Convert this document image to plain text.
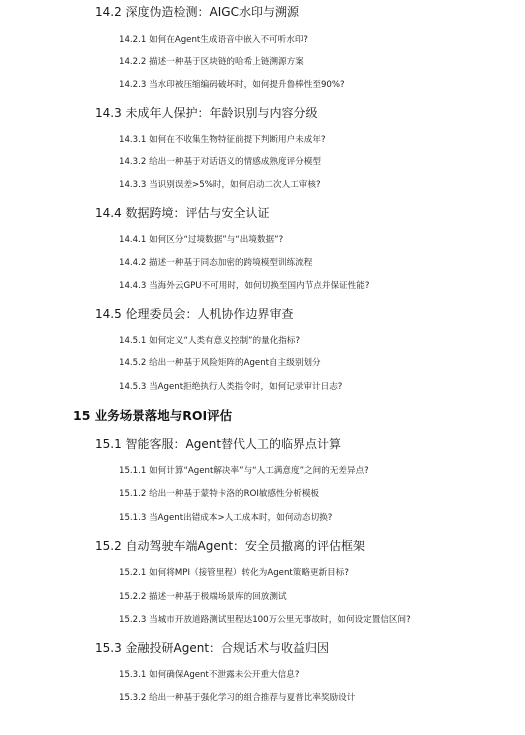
14.2 深度伪造检测：AIGC水印与溯源
14.2.1 如何在Agent生成语音中嵌入不可听水印?
14.2.2 描述一种基于区块链的哈希上链溯源方案
14.2.3 当水印被压缩编码破坏时，如何提升鲁棒性至90%?
14.3 未成年人保护：年龄识别与内容分级
14.3.1 如何在不收集生物特征前提下判断用户未成年?
14.3.2 给出一种基于对话语义的情感成熟度评分模型
14.3.3 当识别误差>5%时，如何启动二次人工审核?
14.4 数据跨境：评估与安全认证
14.4.1 如何区分“过境数据”与“出境数据”?
14.4.2 描述一种基于同态加密的跨境模型训练流程
14.4.3 当海外云GPU不可用时，如何切换至国内节点并保证性能?
14.5 伦理委员会：人机协作边界审查
14.5.1 如何定义“人类有意义控制”的量化指标?
14.5.2 给出一种基于风险矩阵的Agent自主级别划分
14.5.3 当Agent拒绝执行人类指令时，如何记录审计日志?
15 业务场景落地与ROI评估
15.1 智能客服：Agent替代人工的临界点计算
15.1.1 如何计算“Agent解决率”与“人工满意度”之间的无差异点?
15.1.2 给出一种基于蒙特卡洛的ROI敏感性分析模板
15.1.3 当Agent出错成本>人工成本时，如何动态切换?
15.2 自动驾驶车端Agent：安全员撤离的评估框架
15.2.1 如何将MPI（接管里程）转化为Agent策略更新目标?
15.2.2 描述一种基于极端场景库的回放测试
15.2.3 当城市开放道路测试里程达100万公里无事故时，如何设定置信区间?
15.3 金融投研Agent：合规话术与收益归因
15.3.1 如何确保Agent不泄露未公开重大信息?
15.3.2 给出一种基于强化学习的组合推荐与夏普比率奖励设计
